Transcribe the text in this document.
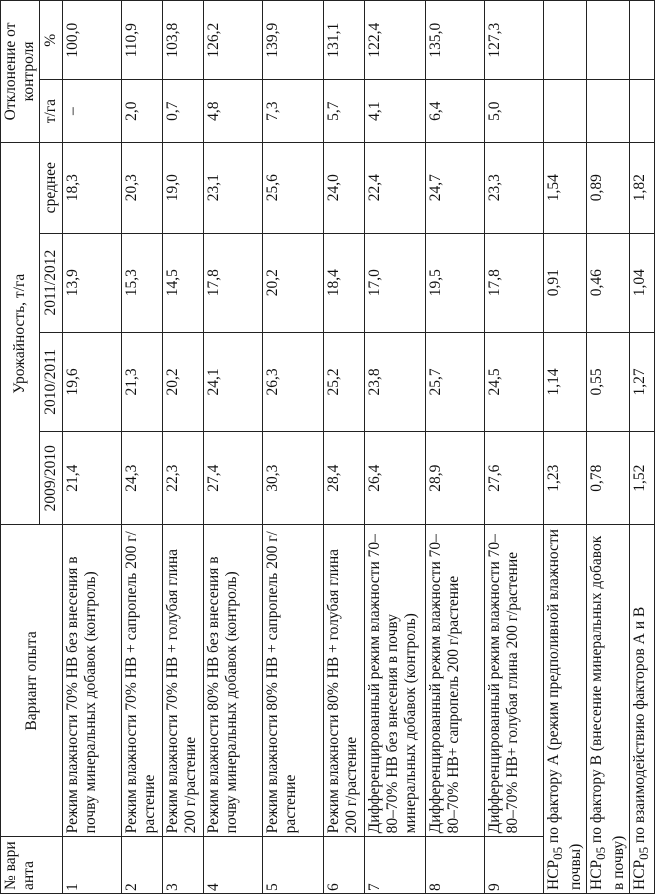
№ вари анта	Вариант опыта	Урожайность, т/га				Отклонение от контроля	
		2009/2010	2010/2011	2011/2012	среднее	т/га	%
1	Режим влажности 70% НВ без внесения в почву минеральных добавок (контроль)	21,4	19,6	13,9	18,3	–	100,0
2	Режим влажности 70% НВ + сапропель 200 г/растение	24,3	21,3	15,3	20,3	2,0	110,9
3	Режим влажности 70% НВ + голубая глина 200 г/растение	22,3	20,2	14,5	19,0	0,7	103,8
4	Режим влажности 80% НВ без внесения в почву минеральных добавок (контроль)	27,4	24,1	17,8	23,1	4,8	126,2
5	Режим влажности 80% НВ + сапропель 200 г/растение	30,3	26,3	20,2	25,6	7,3	139,9
6	Режим влажности 80% НВ + голубая глина 200 г/растение	28,4	25,2	18,4	24,0	5,7	131,1
7	Дифференцированный режим влажности 70–80–70% НВ без внесения в почву минеральных добавок (контроль)	26,4	23,8	17,0	22,4	4,1	122,4
8	Дифференцированный режим влажности 70–80–70% НВ+ сапропель 200 г/растение	28,9	25,7	19,5	24,7	6,4	135,0
9	Дифференцированный режим влажности 70–80–70% НВ+ голубая глина 200 г/растение	27,6	24,5	17,8	23,3	5,0	127,3
$НСР_{05}$ по фактору А (режим предполивной влажности почвы)		1,23	1,14	0,91	1,54		
$НСР_{05}$ по фактору В (внесение минеральных добавок в почву)		0,78	0,55	0,46	0,89		
$НСР_{05}$ по взаимодействию факторов А и В		1,52	1,27	1,04	1,82		
